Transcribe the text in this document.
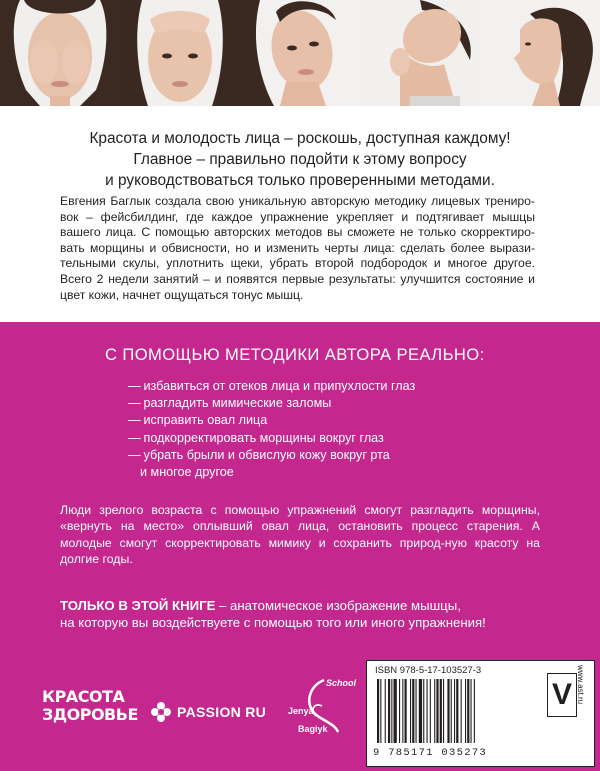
Красота и молодость лица – роскошь, доступная каждому!
Главное – правильно подойти к этому вопросу
и руководствоваться только проверенными методами.
Евгения Баглык создала свою уникальную авторскую методику лицевых трениро-вок – фейсбилдинг, где каждое упражнение укрепляет и подтягивает мышцы вашего лица. С помощью авторских методов вы сможете не только скорректиро-вать морщины и обвисности, но и изменить черты лица: сделать более вырази-тельными скулы, уплотнить щеки, убрать второй подбородок и многое другое. Всего 2 недели занятий – и появятся первые результаты: улучшится состояние и цвет кожи, начнет ощущаться тонус мышц.
С ПОМОЩЬЮ МЕТОДИКИ АВТОРА РЕАЛЬНО:
— избавиться от отеков лица и припухлости глаз
— разгладить мимические заломы
— исправить овал лица
— подкорректировать морщины вокруг глаз
— убрать брыли и обвислую кожу вокруг рта
и многое другое
Люди зрелого возраста с помощью упражнений смогут разгладить морщины, «вернуть на место» оплывший овал лица, остановить процесс старения. А молодые смогут скорректировать мимику и сохранить природ-ную красоту на долгие годы.
ТОЛЬКО В ЭТОЙ КНИГЕ – анатомическое изображение мышцы,
на которую вы воздействуете с помощью того или иного упражнения!
КРАСОТА
ЗДОРОВЬЕ	PASSION RU
School
Jenya
Bagiyk
ISBN 978-5-17-103527-3
9 785171 035273
www.ast.ru
V
